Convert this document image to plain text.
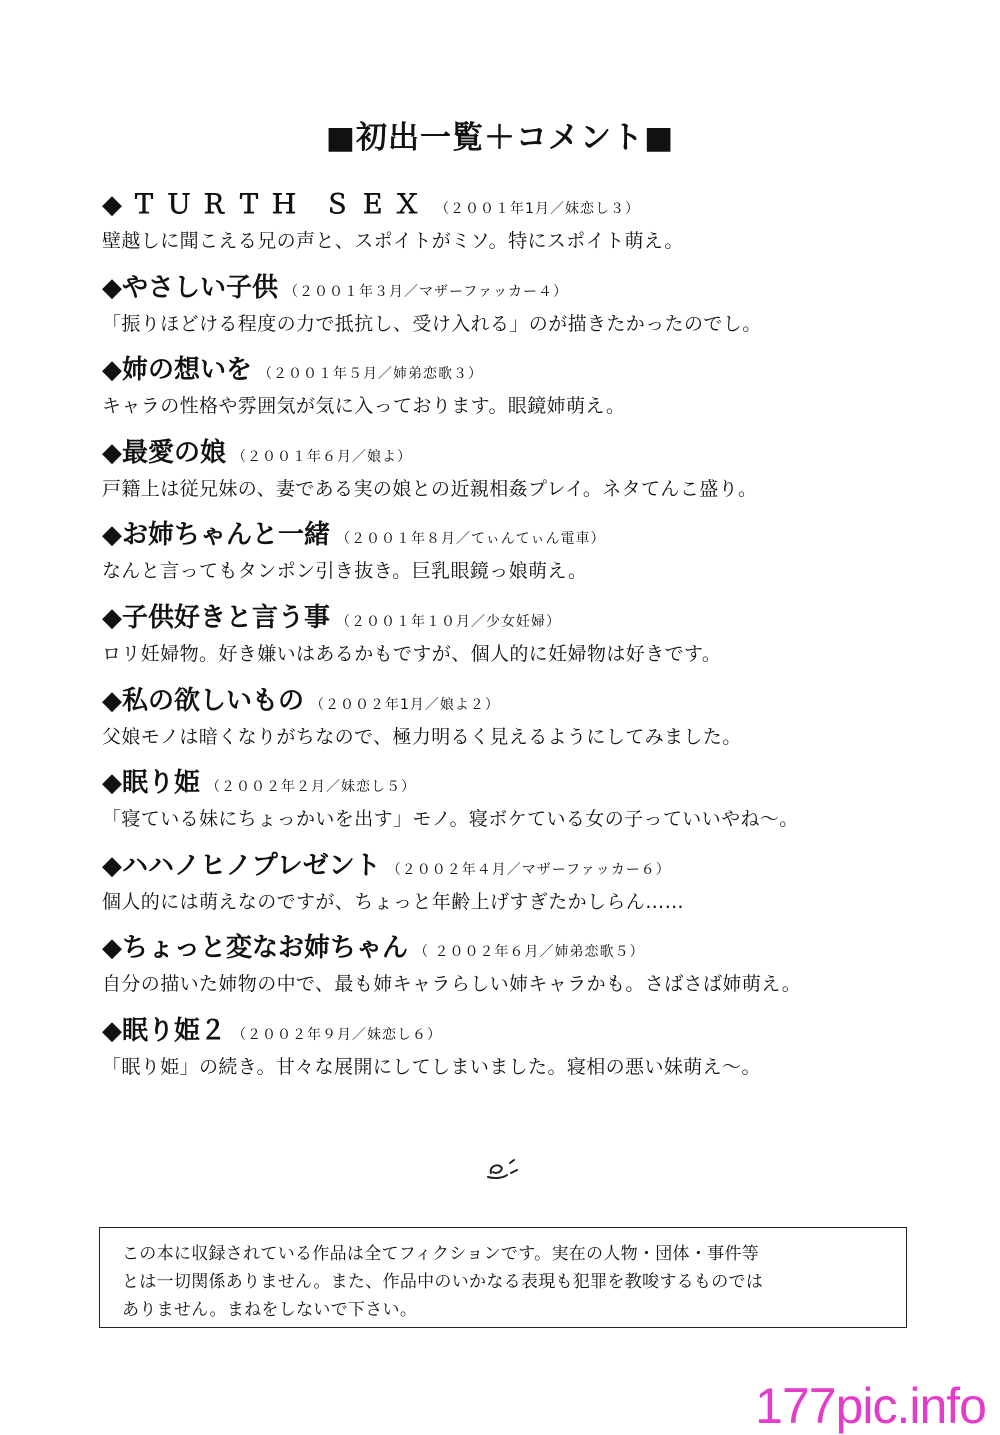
■初出一覧＋コメント■
◆ＴＵＲＴＨ ＳＥＸ （２００１年1月／妹恋し３）
壁越しに聞こえる兄の声と、スポイトがミソ。特にスポイト萌え。
◆やさしい子供 （２００１年３月／マザーファッカー４）
「振りほどける程度の力で抵抗し、受け入れる」のが描きたかったのでし。
◆姉の想いを （２００１年５月／姉弟恋歌３）
キャラの性格や雰囲気が気に入っております。眼鏡姉萌え。
◆最愛の娘 （２００１年６月／娘よ）
戸籍上は従兄妹の、妻である実の娘との近親相姦プレイ。ネタてんこ盛り。
◆お姉ちゃんと一緒 （２００１年８月／てぃんてぃん電車）
なんと言ってもタンポン引き抜き。巨乳眼鏡っ娘萌え。
◆子供好きと言う事 （２００１年１０月／少女妊婦）
ロリ妊婦物。好き嫌いはあるかもですが、個人的に妊婦物は好きです。
◆私の欲しいもの （２００２年1月／娘よ２）
父娘モノは暗くなりがちなので、極力明るく見えるようにしてみました。
◆眠り姫 （２００２年２月／妹恋し５）
「寝ている妹にちょっかいを出す」モノ。寝ボケている女の子っていいやね〜。
◆ハハノヒノプレゼント （２００２年４月／マザーファッカー６）
個人的には萌えなのですが、ちょっと年齢上げすぎたかしらん……
◆ちょっと変なお姉ちゃん （ ２００２年６月／姉弟恋歌５）
自分の描いた姉物の中で、最も姉キャラらしい姉キャラかも。さばさば姉萌え。
◆眠り姫２ （２００２年９月／妹恋し６）
「眠り姫」の続き。甘々な展開にしてしまいました。寝相の悪い妹萌え〜。
この本に収録されている作品は全てフィクションです。実在の人物・団体・事件等
とは一切関係ありません。また、作品中のいかなる表現も犯罪を教唆するものでは
ありません。まねをしないで下さい。
177pic.info
